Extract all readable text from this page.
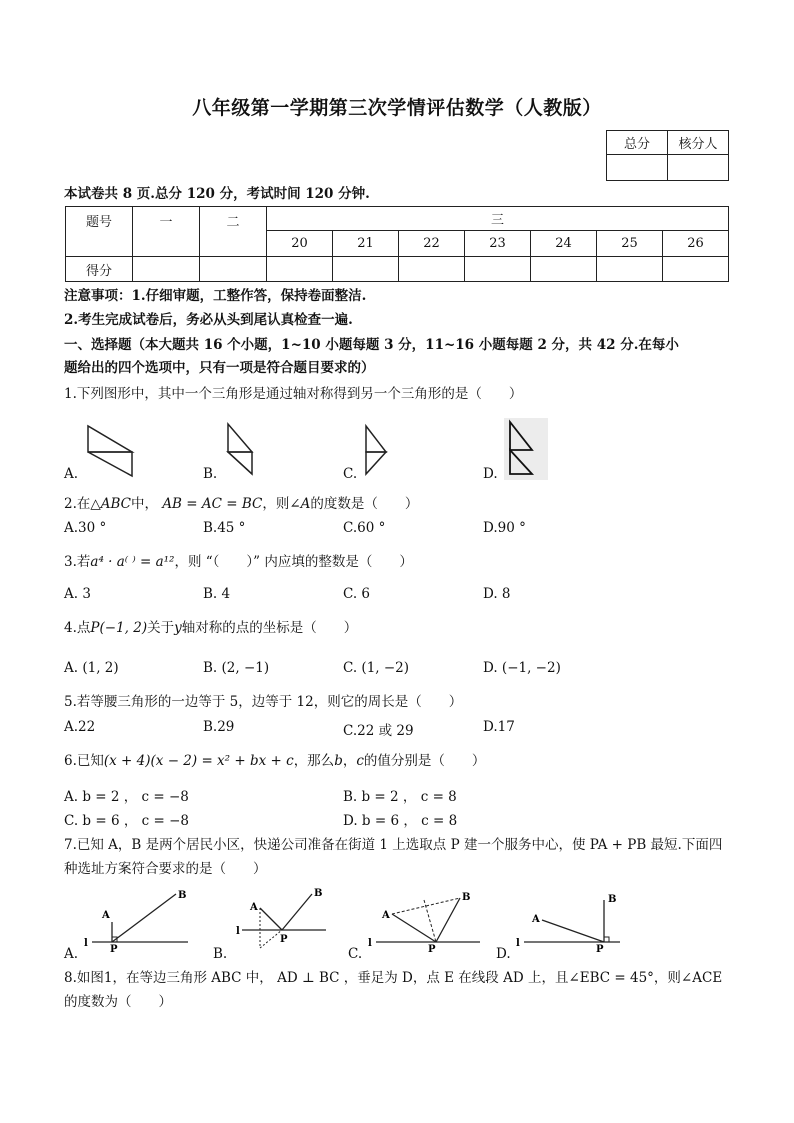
八年级第一学期第三次学情评估数学（人教版）
总分	核分人

本试卷共 8 页.总分 120 分，考试时间 120 分钟.
题号	一	二	三						
			20	21	22	23	24	25	26
得分									
注意事项：1.仔细审题，工整作答，保持卷面整洁.
2.考生完成试卷后，务必从头到尾认真检查一遍.
一、选择题（本大题共 16 个小题，1~10 小题每题 3 分，11~16 小题每题 2 分，共 42 分.在每小
题给出的四个选项中，只有一项是符合题目要求的）
1.下列图形中，其中一个三角形是通过轴对称得到另一个三角形的是（　　）
A.	B.	C.	D.
2.在△ABC中， AB = AC = BC，则∠A的度数是（　　）
A.30 °	B.45 °	C.60 °	D.90 °
3.若a⁴ · a⁽ ⁾ = a¹²，则 “（　　）” 内应填的整数是（　　）
A. 3	B. 4	C. 6	D. 8
4.点P(−1, 2)关于y轴对称的点的坐标是（　　）
A. (1, 2)	B. (2, −1)	C. (1, −2)	D. (−1, −2)
5.若等腰三角形的一边等于 5，边等于 12，则它的周长是（　　）
A.22	B.29	C.22 或 29	D.17
6.已知(x + 4)(x − 2) = x² + bx + c，那么b，c的值分别是（　　）
A. b = 2 ， c = −8	B. b = 2 ， c = 8
C. b = 6 ， c = −8	D. b = 6 ， c = 8
7.已知 A，B 是两个居民小区，快递公司准备在街道 1 上选取点 P 建一个服务中心，使 PA + PB 最短.下面四
种选址方案符合要求的是（　　）
A
B
P
l
A
B
P
l
A
B
P
l
A
B
P
l
A.	B.	C.	D.
8.如图1，在等边三角形 ABC 中， AD ⊥ BC ，垂足为 D，点 E 在线段 AD 上，且∠EBC = 45°，则∠ACE
的度数为（　　）
